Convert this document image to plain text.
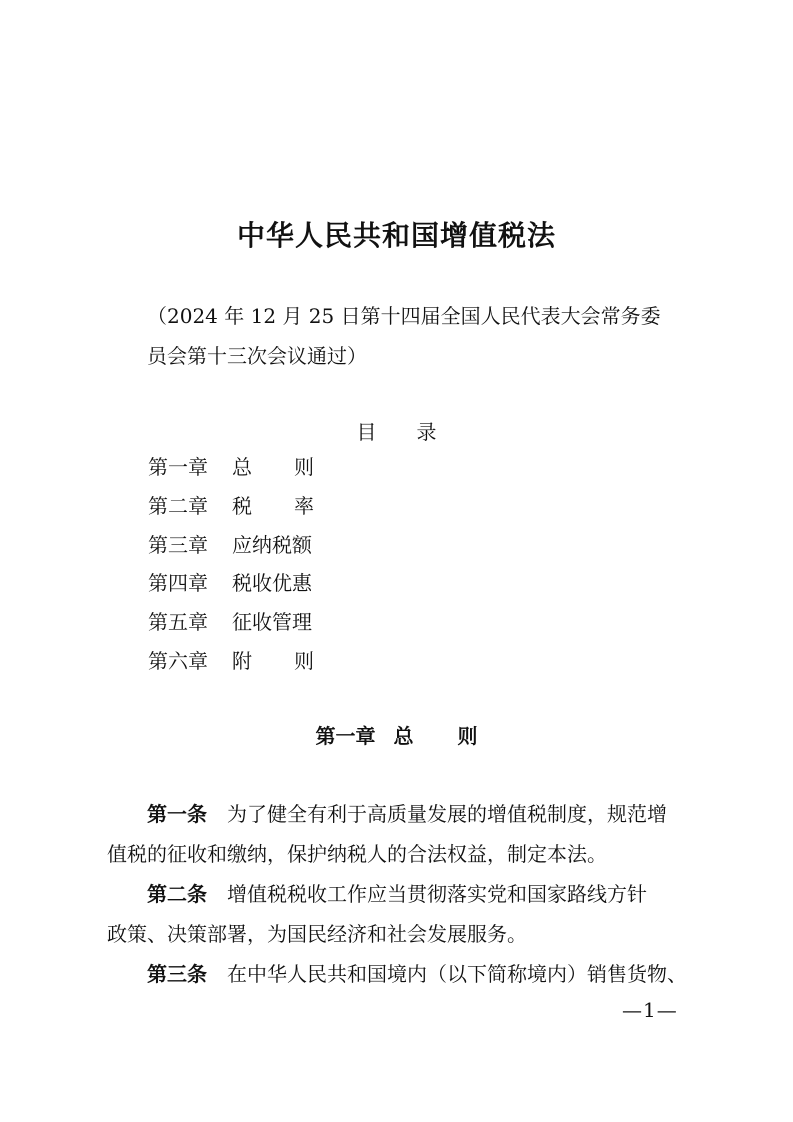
中华人民共和国增值税法
（2024 年 12 月 25 日第十四届全国人民代表大会常务委
员会第十三次会议通过）
目 录
第一章 总 则
第二章 税 率
第三章 应纳税额
第四章 税收优惠
第五章 征收管理
第六章 附 则
第一章 总 则
第一条 为了健全有利于高质量发展的增值税制度，规范增
值税的征收和缴纳，保护纳税人的合法权益，制定本法。
第二条 增值税税收工作应当贯彻落实党和国家路线方针
政策、决策部署，为国民经济和社会发展服务。
第三条 在中华人民共和国境内（以下简称境内）销售货物、
—1—
